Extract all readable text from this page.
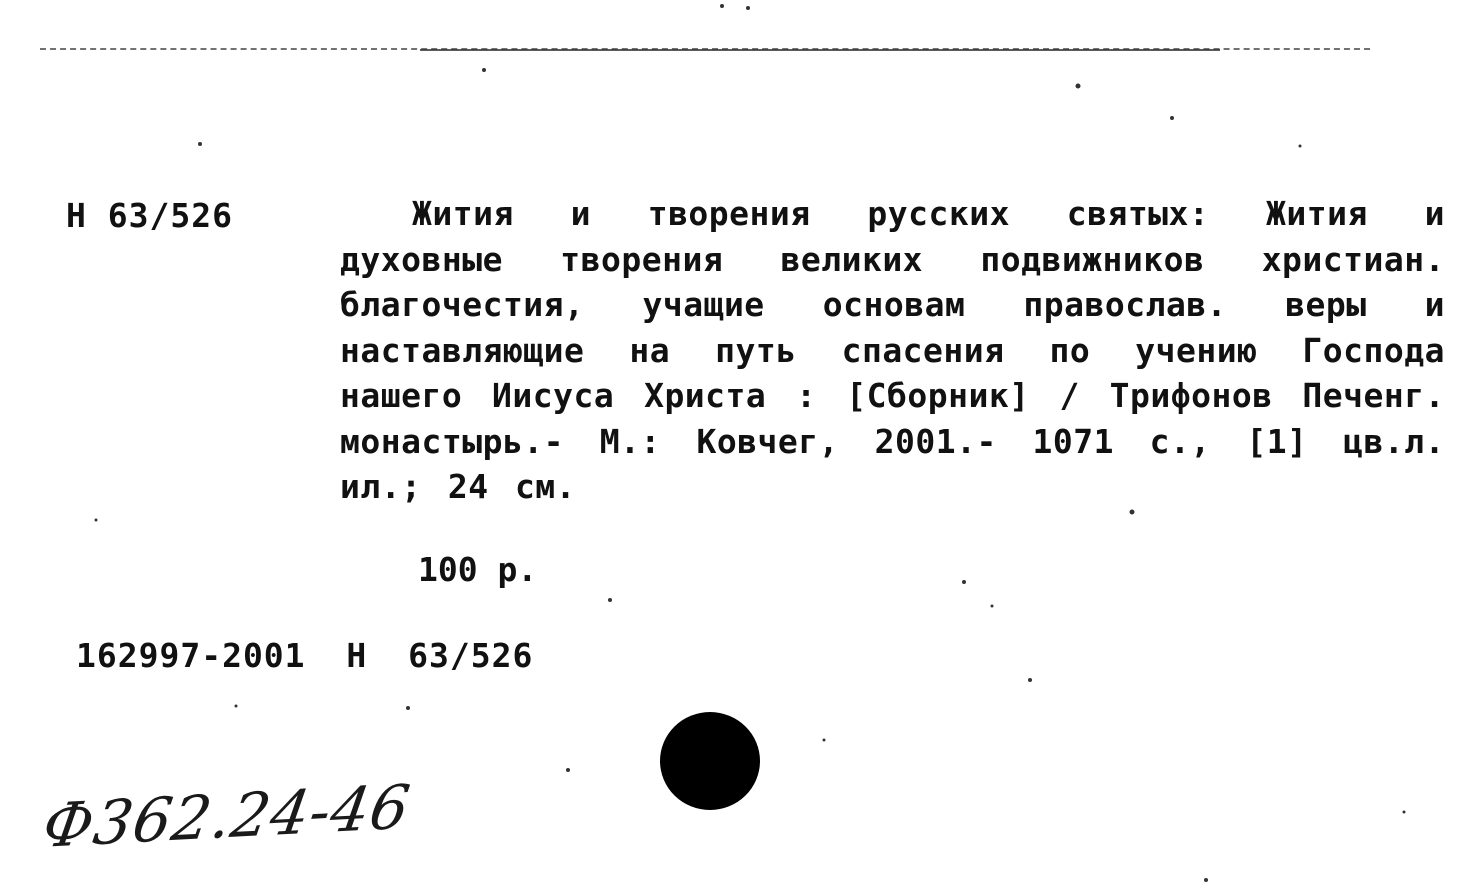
Н 63/526	Жития и творения русских святых: Жития и духовные творения великих подвижников христиан. благочестия, учащие основам православ. веры и наставляющие на путь спасения по учению Господа нашего Иисуса Христа : [Сборник] / Трифонов Печенг. монастырь.- М.: Ковчег, 2001.- 1071 с., [1] цв.л. ил.; 24 см.
100 р.
162997-2001 Н 63/526
Ф362.24-46
